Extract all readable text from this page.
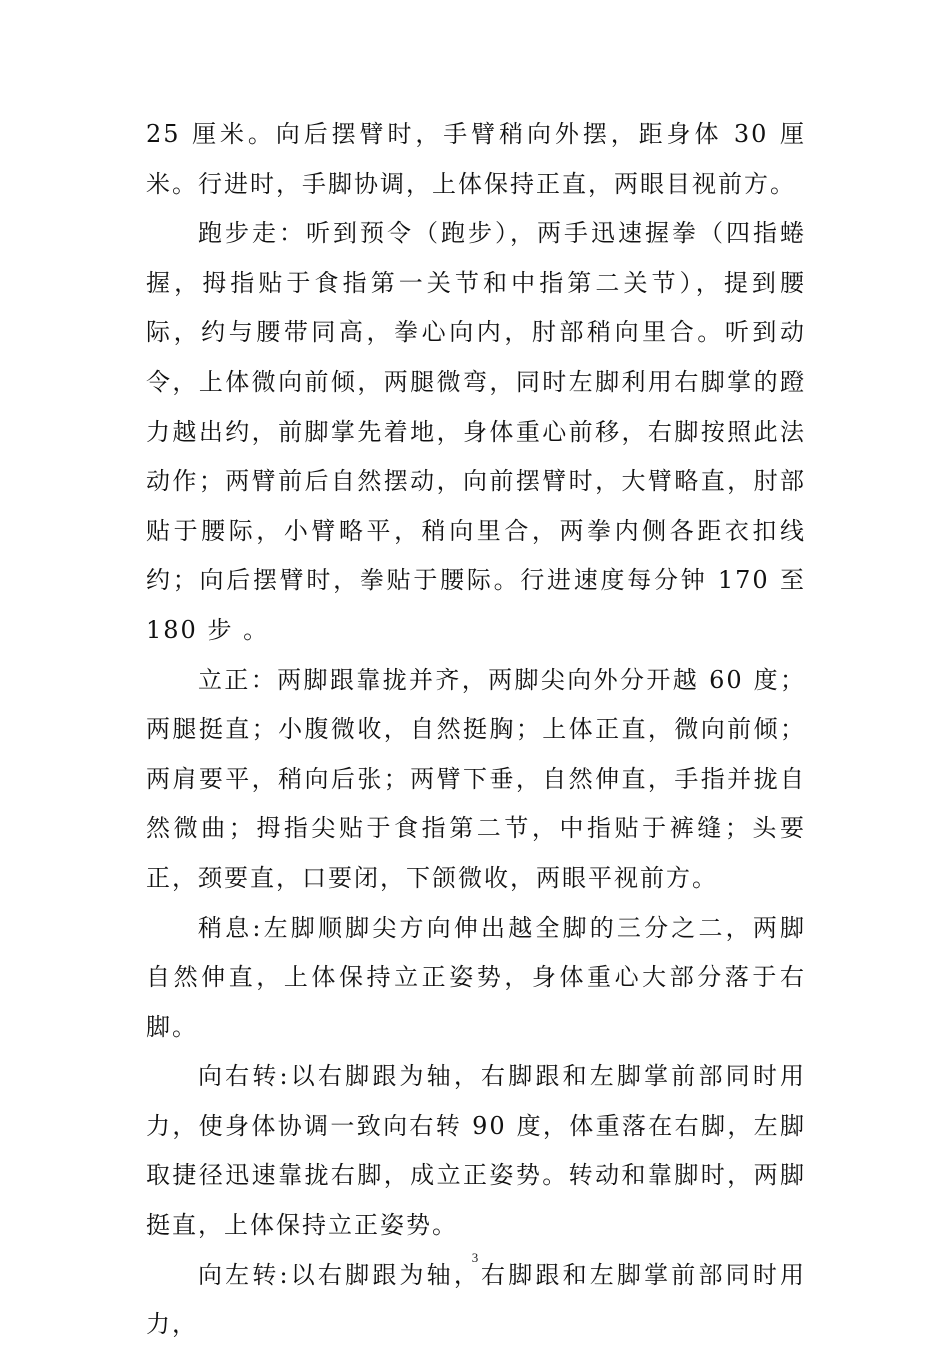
25 厘米。向后摆臂时，手臂稍向外摆，距身体 30 厘米。行进时，手脚协调，上体保持正直，两眼目视前方。

跑步走：听到预令（跑步），两手迅速握拳（四指蜷握，拇指贴于食指第一关节和中指第二关节），提到腰际，约与腰带同高，拳心向内，肘部稍向里合。听到动令，上体微向前倾，两腿微弯，同时左脚利用右脚掌的蹬力越出约，前脚掌先着地，身体重心前移，右脚按照此法动作；两臂前后自然摆动，向前摆臂时，大臂略直，肘部贴于腰际，小臂略平，稍向里合，两拳内侧各距衣扣线约；向后摆臂时，拳贴于腰际。行进速度每分钟 170 至 180 步 。

立正：两脚跟靠拢并齐，两脚尖向外分开越 60 度；两腿挺直；小腹微收，自然挺胸；上体正直，微向前倾；两肩要平，稍向后张；两臂下垂，自然伸直，手指并拢自然微曲；拇指尖贴于食指第二节，中指贴于裤缝；头要正，颈要直，口要闭，下颌微收，两眼平视前方。

稍息:左脚顺脚尖方向伸出越全脚的三分之二，两脚自然伸直，上体保持立正姿势，身体重心大部分落于右脚。

向右转:以右脚跟为轴，右脚跟和左脚掌前部同时用力，使身体协调一致向右转 90 度，体重落在右脚，左脚取捷径迅速靠拢右脚，成立正姿势。转动和靠脚时，两脚挺直，上体保持立正姿势。

向左转:以右脚跟为轴，右脚跟和左脚掌前部同时用力，

3
